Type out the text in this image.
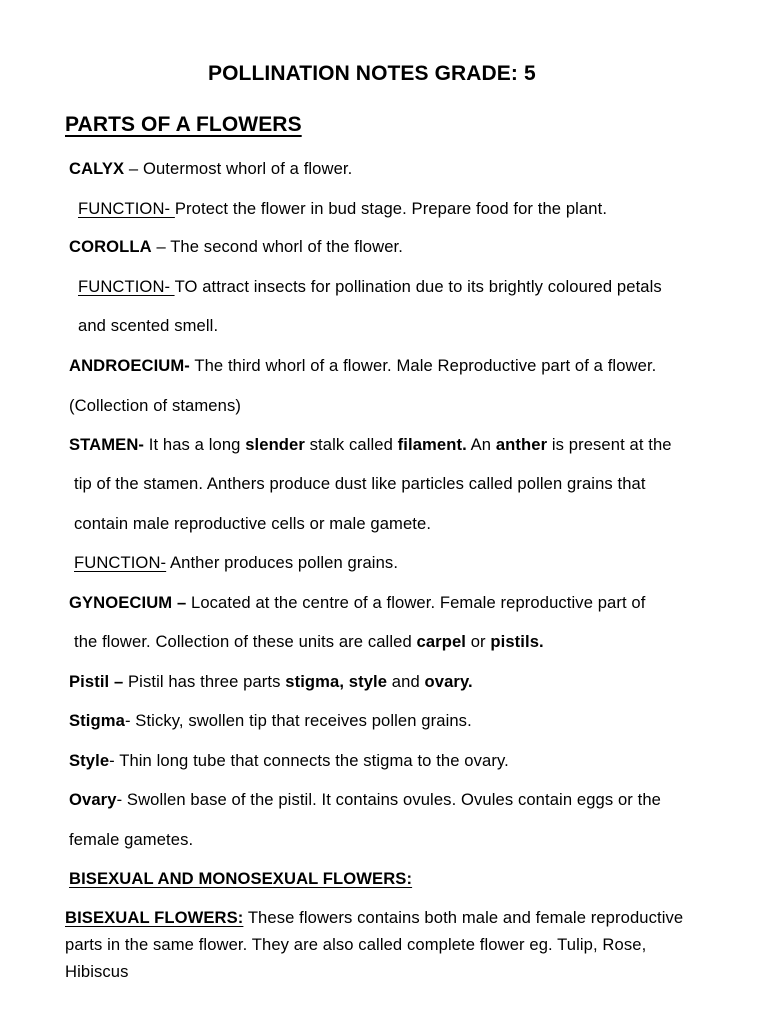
POLLINATION NOTES GRADE: 5
PARTS OF A FLOWERS
CALYX – Outermost whorl of a flower.
FUNCTION- Protect the flower in bud stage. Prepare food for the plant.
COROLLA – The second whorl of the flower.
FUNCTION- TO attract insects for pollination due to its brightly coloured petals
and scented smell.
ANDROECIUM- The third whorl of a flower. Male Reproductive part of a flower.
(Collection of stamens)
STAMEN- It has a long slender stalk called filament. An anther is present at the
tip of the stamen. Anthers produce dust like particles called pollen grains that
contain male reproductive cells or male gamete.
FUNCTION- Anther produces pollen grains.
GYNOECIUM – Located at the centre of a flower. Female reproductive part of
the flower. Collection of these units are called carpel or pistils.
Pistil – Pistil has three parts stigma, style and ovary.
Stigma- Sticky, swollen tip that receives pollen grains.
Style- Thin long tube that connects the stigma to the ovary.
Ovary- Swollen base of the pistil. It contains ovules. Ovules contain eggs or the
female gametes.
BISEXUAL AND MONOSEXUAL FLOWERS:
BISEXUAL FLOWERS: These flowers contains both male and female reproductive
parts in the same flower. They are also called complete flower eg. Tulip, Rose,
Hibiscus
